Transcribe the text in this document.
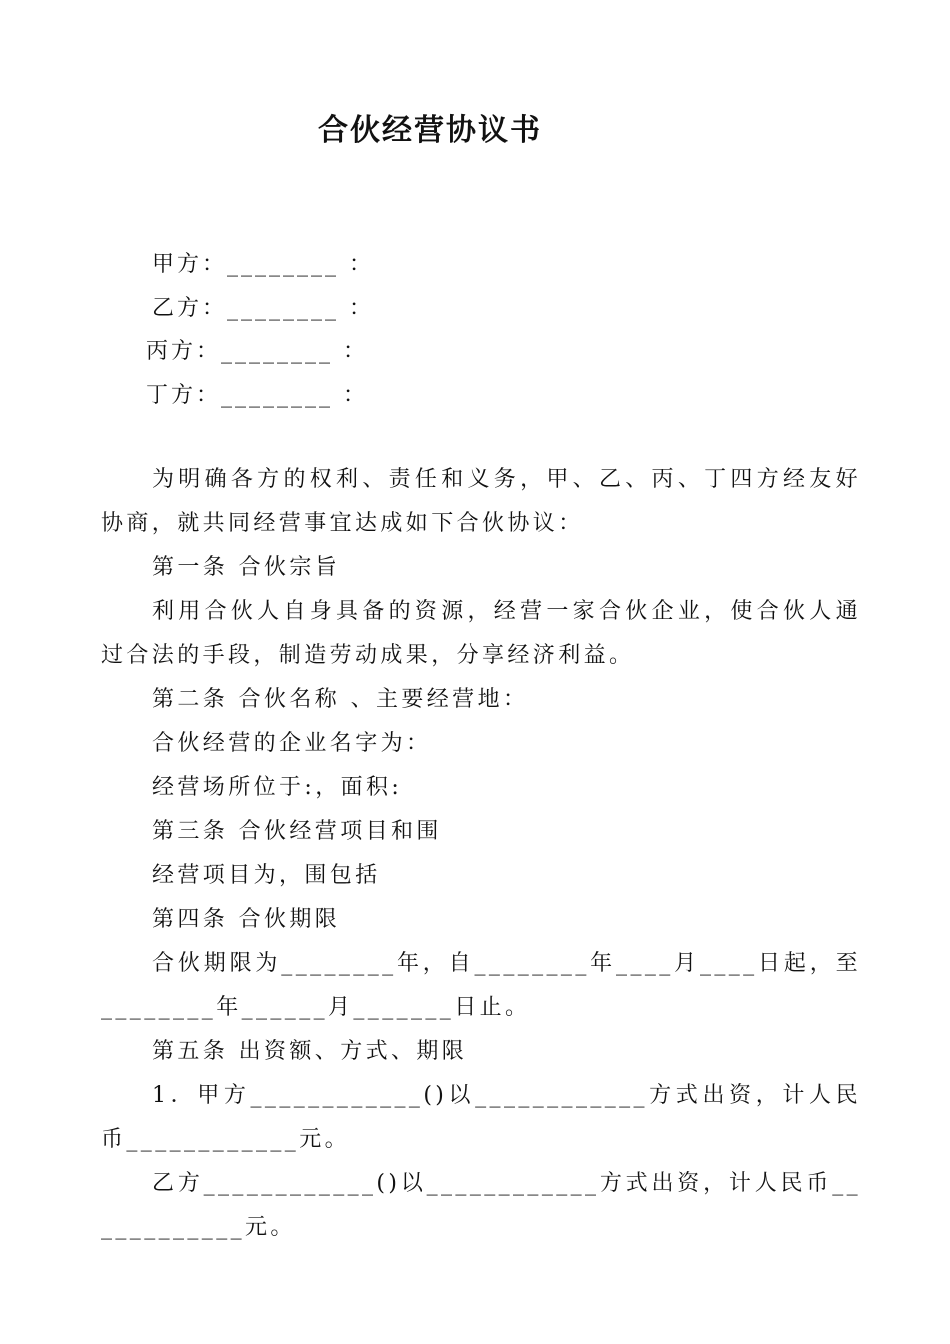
合伙经营协议书
甲方：________ ：
乙方：________ ：
丙方：________ ：
丁方：________ ：

为明确各方的权利、责任和义务，甲、乙、丙、丁四方经友好协商，就共同经营事宜达成如下合伙协议：

第一条 合伙宗旨

利用合伙人自身具备的资源，经营一家合伙企业，使合伙人通过合法的手段，制造劳动成果，分享经济利益。

第二条 合伙名称 、主要经营地：

合伙经营的企业名字为：

经营场所位于:，面积:

第三条 合伙经营项目和围

经营项目为，围包括

第四条 合伙期限

合伙期限为________年，自________年____月____日起，至________年______月_______日止。

第五条 出资额、方式、期限

1．甲方____________()以____________方式出资，计人民币____________元。

乙方____________()以____________方式出资，计人民币____________元。
